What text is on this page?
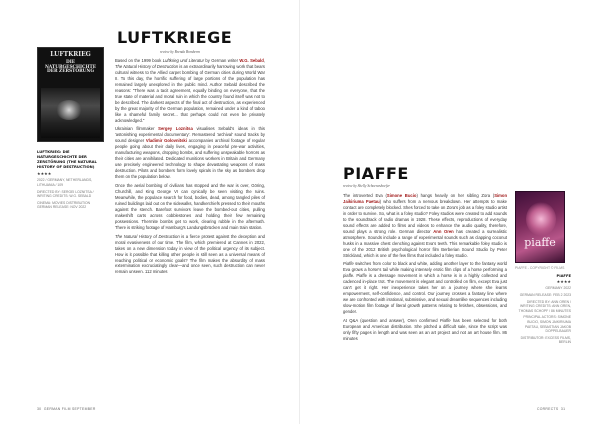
LUFTKRIEGE
review by Brenda Bomberm
LUFTKRIEG
DIE NATURGESCHICHTE DER ZERSTÖRUNG
LUFTKRIEG: DIE NATURGESCHICHTE DER ZERSTÖRUNG (THE NATURAL HISTORY OF DESTRUCTION)
★★★★
2022 / GERMANY, NETHERLANDS, LITHUANIA / 109
DIRECTED BY: SERGEI LOZNITSA / WRITING CREDITS: W.G. SEBALD
CINEMA: MOVIES DISTRIBUTION GERMAN RELEASE: NOV 2022

Based on the 1999 book Luftkrieg und Literatur by German writer W.G. Sebald, The Natural History of Destruction is an extraordinarily harrowing work that bears cultural witness to the Allied carpet bombing of German cities during World War II. To this day, the horrific suffering of large portions of the population has remained largely unexplored in the public mind. Author Sebald described the reasons: "There was a tacit agreement, equally binding on everyone, that the true state of material and moral ruin in which the country found itself was not to be described. The darkest aspects of the final act of destruction, as experienced by the great majority of the German population, remained under a kind of taboo like a shameful family secret... that perhaps could not even be privately acknowledged."

Ukrainian filmmaker Sergey Loznitsa visualises Sebald's ideas in this 'astonishing experimental documentary'. Remastered 'archival' sound tracks by sound designer Vladimir Golovnitski accompanies archival footage of regular people going about their daily lives, engaging in peaceful pre-war activities, manufacturing weapons, dropping bombs, and suffering unspeakable horrors as their cities are annihilated. Dedicated munitions workers in Britain and Germany use precisely engineered technology to shape devastating weapons of mass destruction. Pilots and bombers form lovely spirals in the sky as bombers drop them on the population below.

Once the aerial bombing of civilians has stopped and the war is over, Göring, Churchill, and King George VI can cynically be seen visiting the ruins. Meanwhile, the populace search for food, bodies, dead, among tangled piles of ruined buildings laid out on the sidewalks, handkerchiefs pressed to their mouths against the stench. Barefoot survivors leave the bombed-out cities, pulling makeshift carts across cobblestones and holding their few remaining possessions. Thermite bombs get to work, clearing rubble in the aftermath. There is striking footage of Hamburg's Landungsbrücken and main train station.

The Natural History of Destruction is a fierce protest against the deception and moral evasiveness of our time. The film, which premiered at Cannes in 2022, takes on a new dimension today in view of the political urgency of its subject. How is it possible that killing other people is still seen as a universal means of reaching political or economic goals? The film makes the absurdity of mass extermination excruciatingly clear—and once seen, such destruction can never remain unseen. 112 minutes

30 GERMAN FILM SEPTEMBER
PIAFFE
review by Shelly Schoeneshoefer

The introverted Eva (Simone Bucio) hangs heavily on her sibling Zora (Simon Jaikiriuma Paetau) who suffers from a nervous breakdown. Her attempts to make contact are completely blocked. Shes forced to take on Zora's job as a foley studio artist in order to survive. So, what is a foley studio? Foley studios were created to add sounds to the soundtrack of radio dramas in 1928. These effects, reproductions of everyday sound effects are added to films and videos to enhance the audio quality, therefore, sound plays a strong role. German director Ann Oren has created a surrealistic atmosphere. Sounds include a range of experimental sounds such as clapping coconut husks in a massive chest clenching against Eva's teeth. This remarkable foley studio is one of the 2012 British psychological horror film Berberian Sound Studio by Peter Strickland, which is one of the few films that included a foley studio.

Piaffe switches from color to black and white, adding another layer to the fantasy world Eva grows a horse's tail while making intensely erotic film clips of a horse performing a piaffe. Piaffe is a dressage movement in which a horse is in a highly collected and cadenced in-place trot. The movement is elegant and controlled on film, except Eva just can't get it right. Her inexperience takes her on a journey where she learns empowerment, self-confidence, and control. Our journey crosses a fantasy line where we are confronted with irrational, submissive, and sexual dreamlike sequences including slow-motion film footage of literal growth patterns relating to fetishes, obsessions, and gender.

At Q&A (question and answer), Oren confirmed Piaffe has been selected for both European and American distribution. She pitched a difficult sale, since the script was only fifty pages in length and was seen as an art project and not an art house film. 86 minutes

CORRECTS 31
piaffe
PIAFFE - COPYRIGHT © FILMS
PIAFFE
★★★★
GERMANY 2022
GERMAN RELEASE: FEB 2 2023
DIRECTED BY: ANN OREN / WRITING CREDITS: ANN OREN, THOMAS SCHOPF / 86 MINUTES
PRINCIPAL ACTORS: SIMONE BUCIO, SIMON JAIKIRIUMA PAETAU, SEBASTIAN JAKOB DOPPELBAUER
DISTRIBUTOR: EXCESS FILMS, BERLIN
